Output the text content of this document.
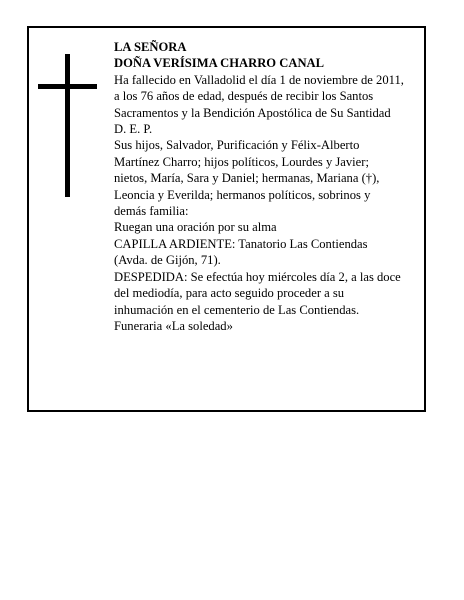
LA SEÑORA

DOÑA VERÍSIMA CHARRO CANAL

Ha fallecido en Valladolid el día 1 de noviembre de 2011, a los 76 años de edad, después de recibir los Santos Sacramentos y la Bendición Apostólica de Su Santidad

D. E. P.

Sus hijos, Salvador, Purificación y Félix-Alberto Martínez Charro; hijos políticos, Lourdes y Javier; nietos, María, Sara y Daniel; hermanas, Mariana (†), Leoncia y Everilda; hermanos políticos, sobrinos y demás familia:

Ruegan una oración por su alma

CAPILLA ARDIENTE: Tanatorio Las Contiendas (Avda. de Gijón, 71).

DESPEDIDA: Se efectúa hoy miércoles día 2, a las doce del mediodía, para acto seguido proceder a su inhumación en el cementerio de Las Contiendas.

Funeraria «La soledad»
